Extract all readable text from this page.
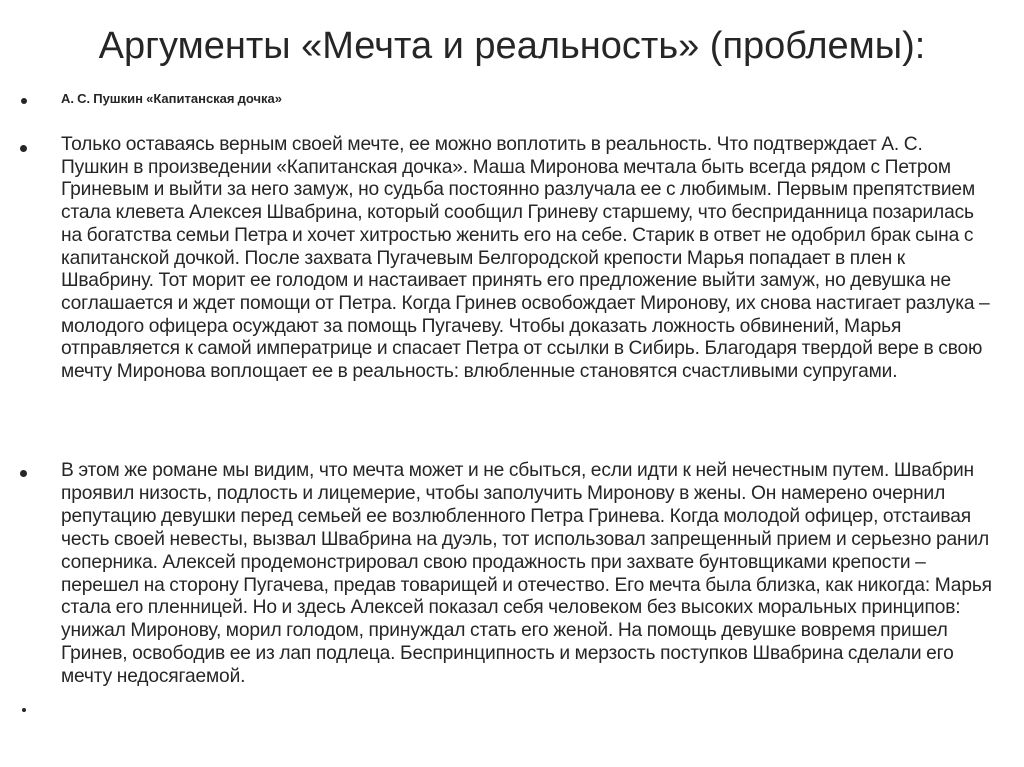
Аргументы «Мечта и реальность» (проблемы):
А. С. Пушкин «Капитанская дочка»
Только оставаясь верным своей мечте, ее можно воплотить в реальность. Что подтверждает А. С. Пушкин в произведении «Капитанская дочка». Маша Миронова мечтала быть всегда рядом с Петром Гриневым и выйти за него замуж, но судьба постоянно разлучала ее с любимым. Первым препятствием стала клевета Алексея Швабрина, который сообщил Гриневу старшему, что бесприданница позарилась на богатства семьи Петра и хочет хитростью женить его на себе. Старик в ответ не одобрил брак сына с капитанской дочкой. После захвата Пугачевым Белгородской крепости Марья попадает в плен к Швабрину. Тот морит ее голодом и настаивает принять его предложение выйти замуж, но девушка не соглашается и ждет помощи от Петра. Когда Гринев освобождает Миронову, их снова настигает разлука – молодого офицера осуждают за помощь Пугачеву. Чтобы доказать ложность обвинений, Марья отправляется к самой императрице и спасает Петра от ссылки в Сибирь. Благодаря твердой вере в свою мечту Миронова воплощает ее в реальность: влюбленные становятся счастливыми супругами.
В этом же романе мы видим, что мечта может и не сбыться, если идти к ней нечестным путем. Швабрин проявил низость, подлость и лицемерие, чтобы заполучить Миронову в жены. Он намерено очернил репутацию девушки перед семьей ее возлюбленного Петра Гринева. Когда молодой офицер, отстаивая честь своей невесты, вызвал Швабрина на дуэль, тот использовал запрещенный прием и серьезно ранил соперника. Алексей продемонстрировал свою продажность при захвате бунтовщиками крепости – перешел на сторону Пугачева, предав товарищей и отечество. Его мечта была близка, как никогда: Марья стала его пленницей. Но и здесь Алексей показал себя человеком без высоких моральных принципов: унижал Миронову, морил голодом, принуждал стать его женой. На помощь девушке вовремя пришел Гринев, освободив ее из лап подлеца. Беспринципность и мерзость поступков Швабрина сделали его мечту недосягаемой.
